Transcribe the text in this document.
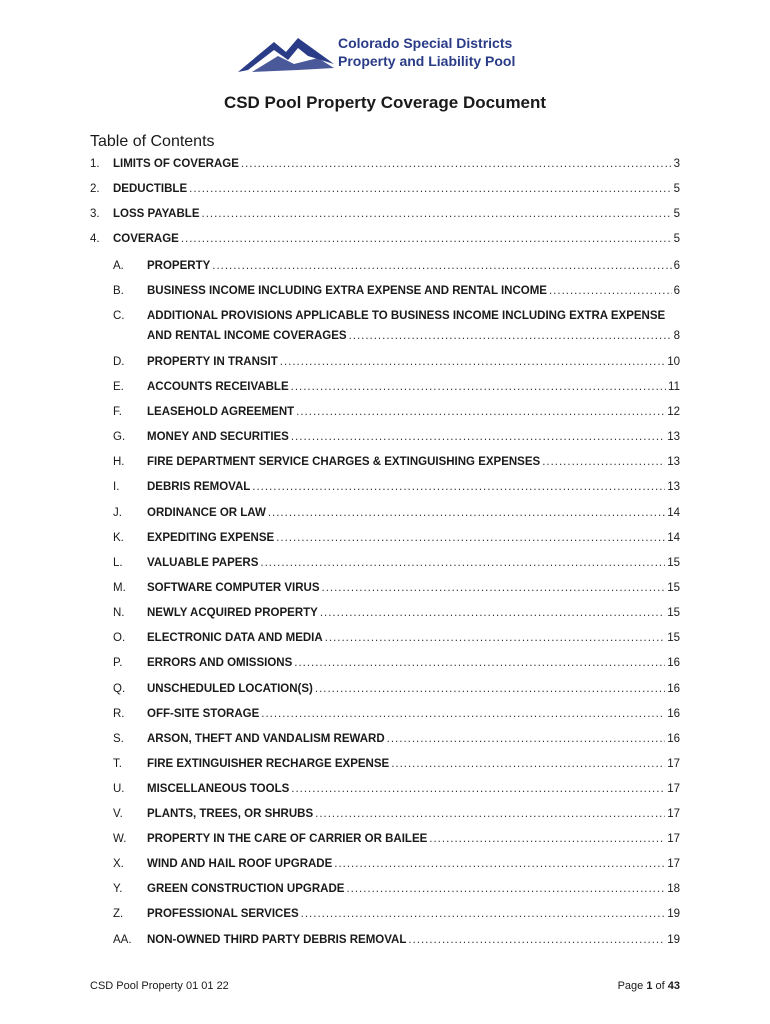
Colorado Special Districts
Property and Liability Pool
CSD Pool Property Coverage Document
Table of Contents
1. LIMITS OF COVERAGE .....	3
2. DEDUCTIBLE .....	5
3. LOSS PAYABLE .....	5
4. COVERAGE .....	5
A. PROPERTY .....	6
B. BUSINESS INCOME INCLUDING EXTRA EXPENSE AND RENTAL INCOME .....	6
C. ADDITIONAL PROVISIONS APPLICABLE TO BUSINESS INCOME INCLUDING EXTRA EXPENSE
AND RENTAL INCOME COVERAGES .....	8
D. PROPERTY IN TRANSIT .....	10
E. ACCOUNTS RECEIVABLE .....	11
F. LEASEHOLD AGREEMENT .....	12
G. MONEY AND SECURITIES .....	13
H. FIRE DEPARTMENT SERVICE CHARGES & EXTINGUISHING EXPENSES .....	13
I. DEBRIS REMOVAL .....	13
J. ORDINANCE OR LAW .....	14
K. EXPEDITING EXPENSE .....	14
L. VALUABLE PAPERS .....	15
M. SOFTWARE COMPUTER VIRUS .....	15
N. NEWLY ACQUIRED PROPERTY .....	15
O. ELECTRONIC DATA AND MEDIA .....	15
P. ERRORS AND OMISSIONS .....	16
Q. UNSCHEDULED LOCATION(S) .....	16
R. OFF-SITE STORAGE .....	16
S. ARSON, THEFT AND VANDALISM REWARD .....	16
T. FIRE EXTINGUISHER RECHARGE EXPENSE .....	17
U. MISCELLANEOUS TOOLS .....	17
V. PLANTS, TREES, OR SHRUBS .....	17
W. PROPERTY IN THE CARE OF CARRIER OR BAILEE .....	17
X. WIND AND HAIL ROOF UPGRADE .....	17
Y. GREEN CONSTRUCTION UPGRADE .....	18
Z. PROFESSIONAL SERVICES .....	19
AA. NON-OWNED THIRD PARTY DEBRIS REMOVAL .....	19
CSD Pool Property 01 01 22	Page 1 of 43
